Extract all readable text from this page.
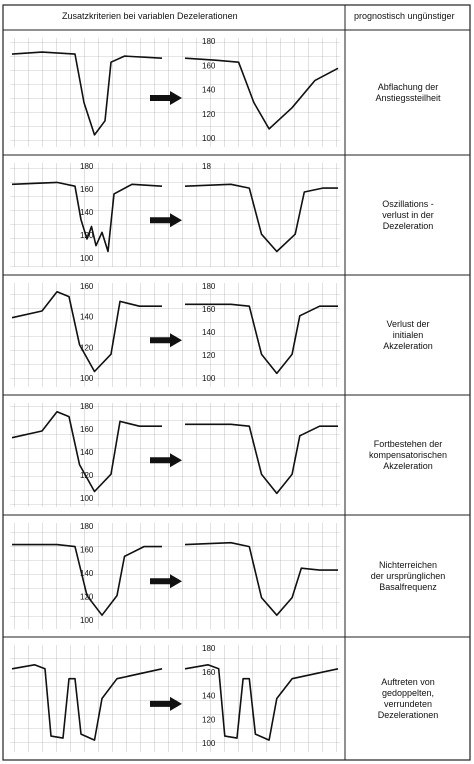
180
160
140
120
100
180
160
140
120
100
18
160
140
120
100
180
160
140
120
100
180
160
140
120
100
180
160
140
120
100
180
160
140
120
100
Zusatzkriterien bei variablen Dezelerationen	prognostisch ungünstiger
Abflachung der
Anstiegssteilheit
Oszillations -
verlust in der
Dezeleration
Verlust der
initialen
Akzeleration
Fortbestehen der
kompensatorischen
Akzeleration
Nichterreichen
der ursprünglichen
Basalfrequenz
Auftreten von
gedoppelten,
verrundeten
Dezelerationen
